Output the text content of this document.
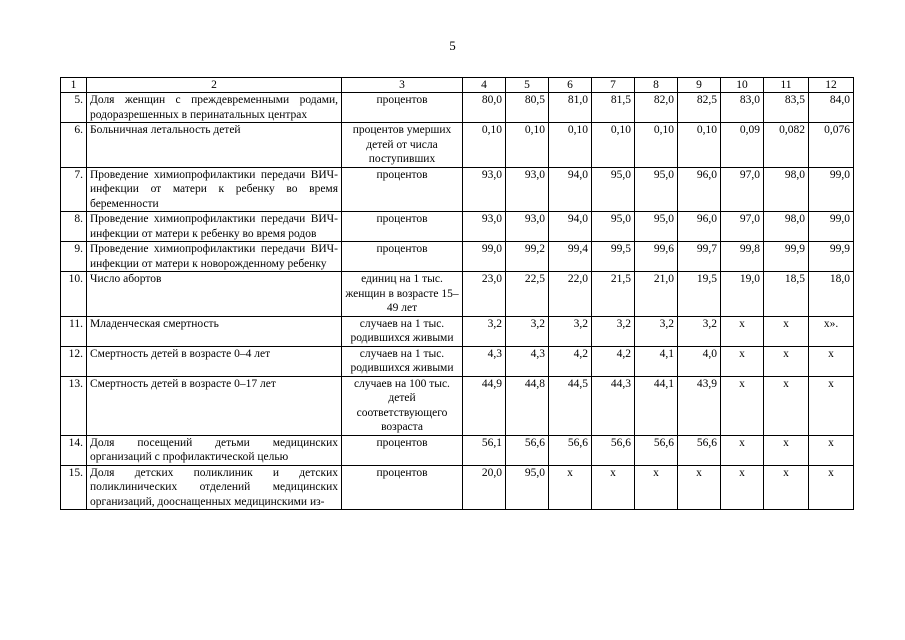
5
1	2	3	4	5	6	7	8	9	10	11	12
5.	Доля женщин с преждевременными родами, родоразрешенных в перинатальных центрах	процентов	80,0	80,5	81,0	81,5	82,0	82,5	83,0	83,5	84,0
6.	Больничная летальность детей	процентов умерших детей от числа поступивших	0,10	0,10	0,10	0,10	0,10	0,10	0,09	0,082	0,076
7.	Проведение химиопрофилактики передачи ВИЧ-инфекции от матери к ребенку во время беременности	процентов	93,0	93,0	94,0	95,0	95,0	96,0	97,0	98,0	99,0
8.	Проведение химиопрофилактики передачи ВИЧ-инфекции от матери к ребенку во время родов	процентов	93,0	93,0	94,0	95,0	95,0	96,0	97,0	98,0	99,0
9.	Проведение химиопрофилактики передачи ВИЧ-инфекции от матери к новорожденному ребенку	процентов	99,0	99,2	99,4	99,5	99,6	99,7	99,8	99,9	99,9
10.	Число абортов	единиц на 1 тыс. женщин в возрасте 15–49 лет	23,0	22,5	22,0	21,5	21,0	19,5	19,0	18,5	18,0
11.	Младенческая смертность	случаев на 1 тыс. родившихся живыми	3,2	3,2	3,2	3,2	3,2	3,2	x	x	x».
12.	Смертность детей в возрасте 0–4 лет	случаев на 1 тыс. родившихся живыми	4,3	4,3	4,2	4,2	4,1	4,0	x	x	x
13.	Смертность детей в возрасте 0–17 лет	случаев на 100 тыс. детей соответствующего возраста	44,9	44,8	44,5	44,3	44,1	43,9	x	x	x
14.	Доля посещений детьми медицинских организаций с профилактической целью	процентов	56,1	56,6	56,6	56,6	56,6	56,6	x	x	x
15.	Доля детских поликлиник и детских поликлинических отделений медицинских организаций, дооснащенных медицинскими из-	процентов	20,0	95,0	x	x	x	x	x	x	x
